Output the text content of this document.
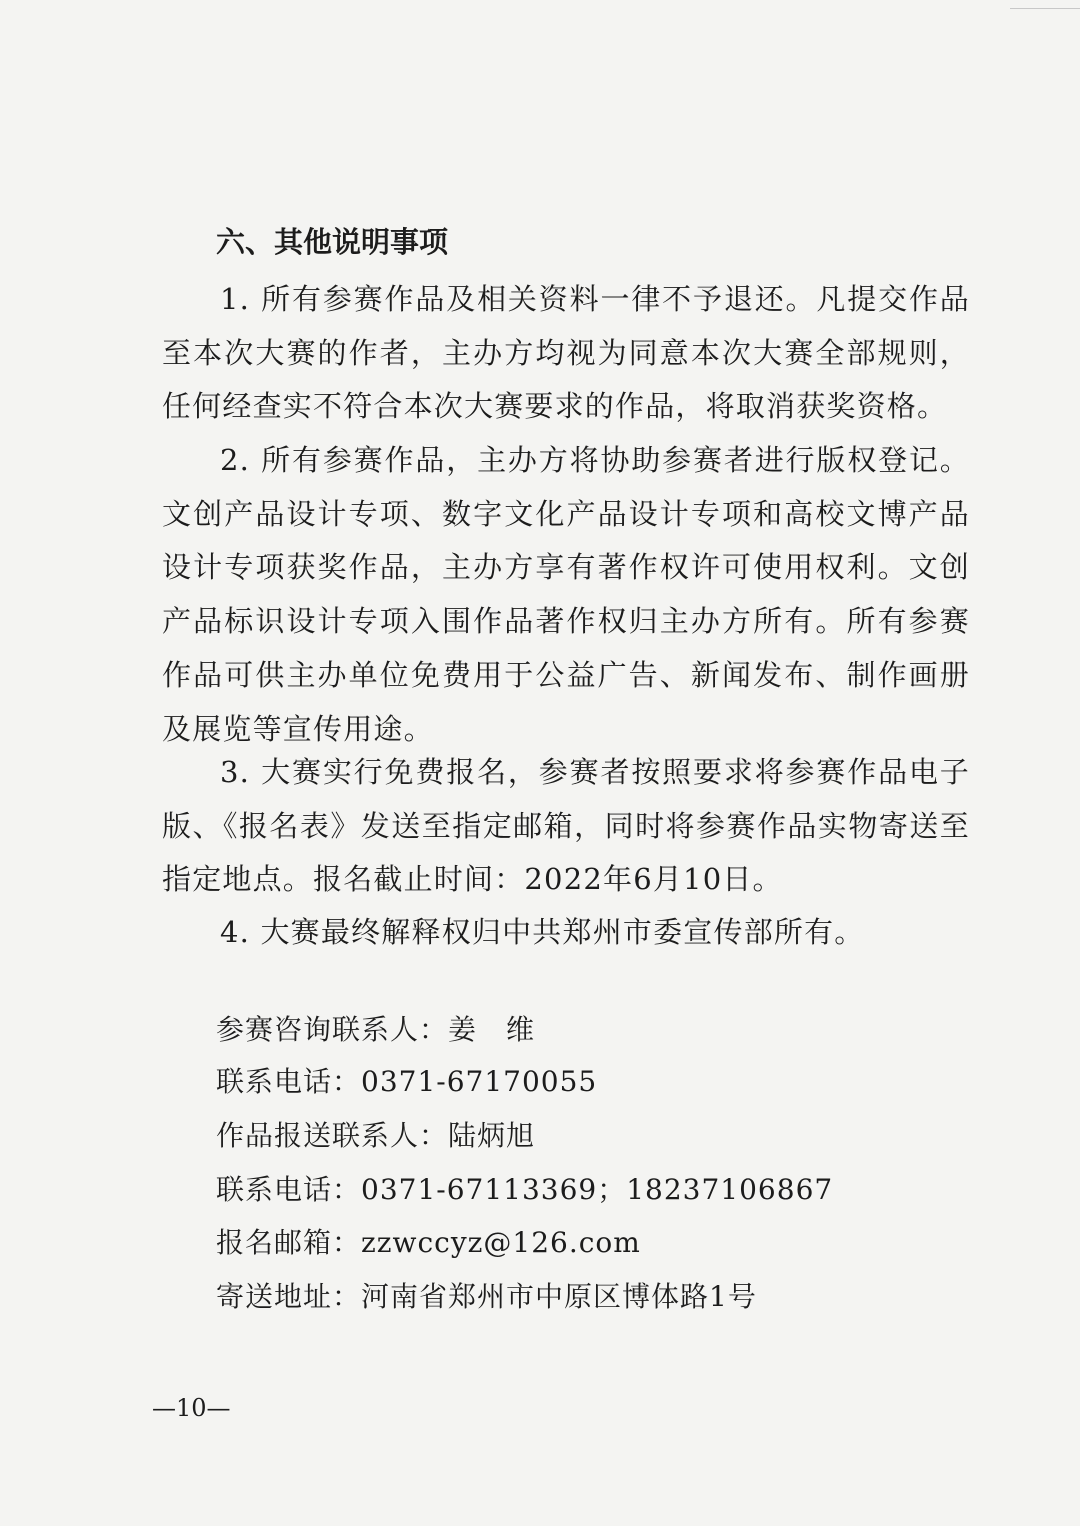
六、其他说明事项
1. 所有参赛作品及相关资料一律不予退还。凡提交作品至本次大赛的作者，主办方均视为同意本次大赛全部规则，任何经查实不符合本次大赛要求的作品，将取消获奖资格。
2. 所有参赛作品，主办方将协助参赛者进行版权登记。文创产品设计专项、数字文化产品设计专项和高校文博产品设计专项获奖作品，主办方享有著作权许可使用权利。文创产品标识设计专项入围作品著作权归主办方所有。所有参赛作品可供主办单位免费用于公益广告、新闻发布、制作画册及展览等宣传用途。
3. 大赛实行免费报名，参赛者按照要求将参赛作品电子版、《报名表》发送至指定邮箱，同时将参赛作品实物寄送至指定地点。报名截止时间：2022年6月10日。
4. 大赛最终解释权归中共郑州市委宣传部所有。
参赛咨询联系人：姜　维
联系电话：0371-67170055
作品报送联系人：陆炳旭
联系电话：0371-67113369；18237106867
报名邮箱：zzwccyz@126.com
寄送地址：河南省郑州市中原区博体路1号
—10—
